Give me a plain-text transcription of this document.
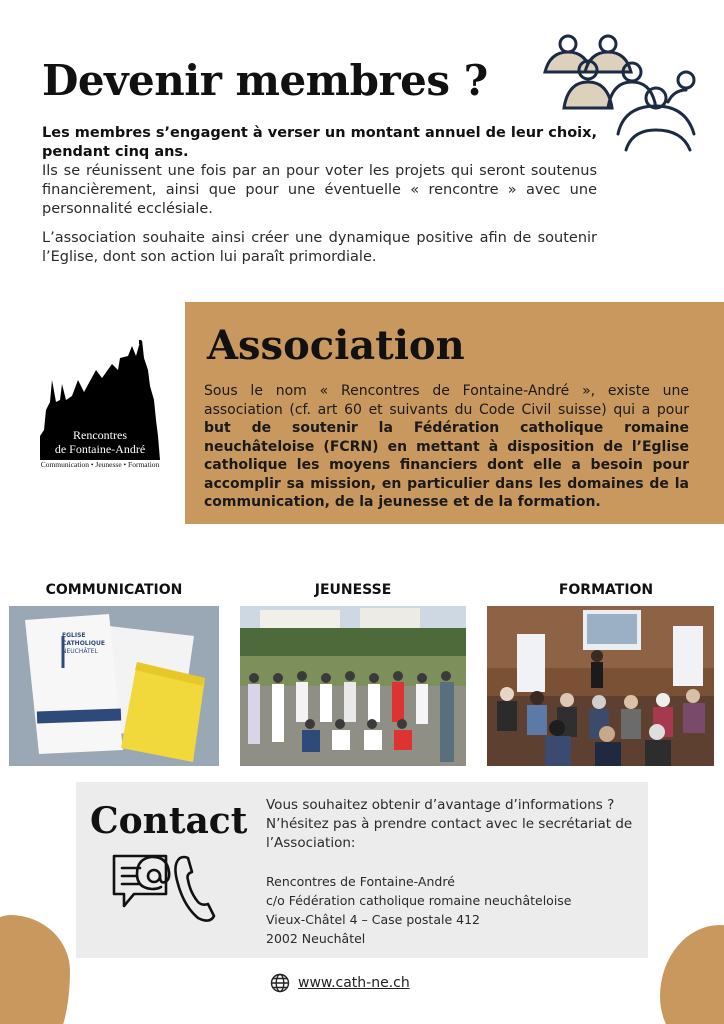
Devenir membres ?

Les membres s’engagent à verser un montant annuel de leur choix, pendant cinq ans.

Ils se réunissent une fois par an pour voter les projets qui seront soutenus financièrement, ainsi que pour une éventuelle « rencontre » avec une personnalité ecclésiale.

L’association souhaite ainsi créer une dynamique positive afin de soutenir l’Eglise, dont son action lui paraît primordiale.

Rencontres
de Fontaine-André
Communication • Jeunesse • Formation
Association

Sous le nom « Rencontres de Fontaine-André », existe une association (cf. art 60 et suivants du Code Civil suisse) qui a pour but de soutenir la Fédération catholique romaine neuchâteloise (FCRN) en mettant à disposition de l’Eglise catholique les moyens financiers dont elle a besoin pour accomplir sa mission, en particulier dans les domaines de la communication, de la jeunesse et de la formation.

COMMUNICATION	JEUNESSE	FORMATION
ÉGLISE CATHOLIQUE
NEUCHÂTEL
Contact Vous souhaitez obtenir d’avantage d’informations ?
N’hésitez pas à prendre contact avec le secrétariat de
l’Association:
Rencontres de Fontaine-André
c/o Fédération catholique romaine neuchâteloise
Vieux-Châtel 4 – Case postale 412
2002 Neuchâtel
www.cath-ne.ch
